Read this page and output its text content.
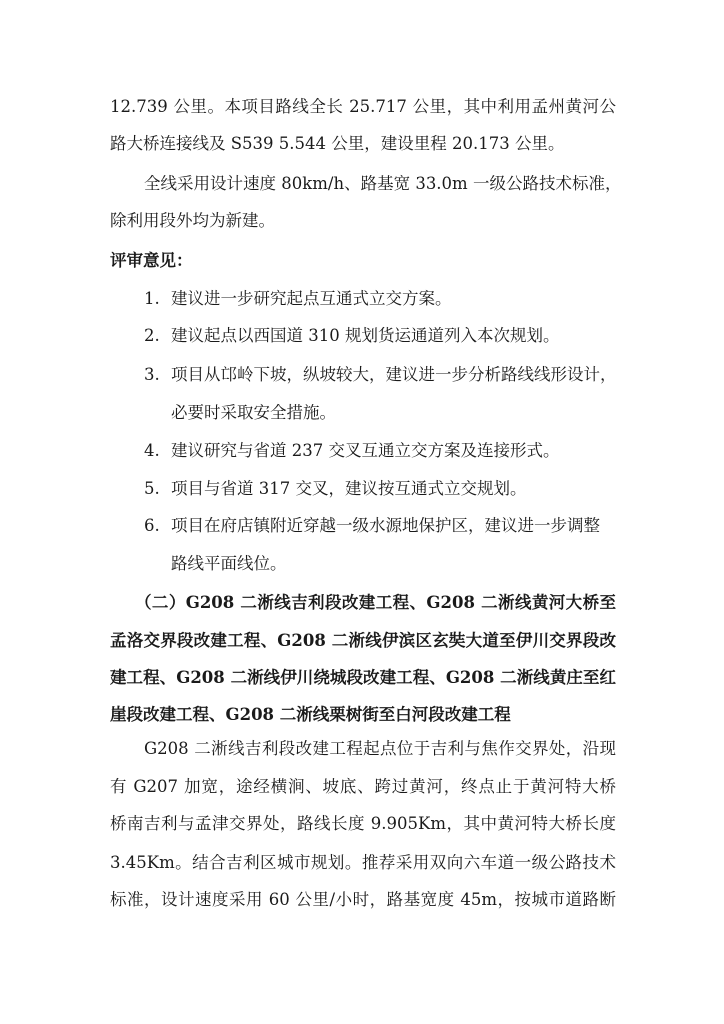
12.739 公里。本项目路线全长 25.717 公里，其中利用孟州黄河公
路大桥连接线及 S539 5.544 公里，建设里程 20.173 公里。
全线采用设计速度 80km/h、路基宽 33.0m 一级公路技术标准，
除利用段外均为新建。
评审意见：
1. 建议进一步研究起点互通式立交方案。
2. 建议起点以西国道 310 规划货运通道列入本次规划。
3. 项目从邙岭下坡，纵坡较大，建议进一步分析路线线形设计，
必要时采取安全措施。
4. 建议研究与省道 237 交叉互通立交方案及连接形式。
5. 项目与省道 317 交叉，建议按互通式立交规划。
6. 项目在府店镇附近穿越一级水源地保护区，建议进一步调整
路线平面线位。
（二）G208 二淅线吉利段改建工程、G208 二淅线黄河大桥至
孟洛交界段改建工程、G208 二淅线伊滨区玄奘大道至伊川交界段改
建工程、G208 二淅线伊川绕城段改建工程、G208 二淅线黄庄至红
崖段改建工程、G208 二淅线栗树街至白河段改建工程
G208 二淅线吉利段改建工程起点位于吉利与焦作交界处，沿现
有 G207 加宽，途经横涧、坡底、跨过黄河，终点止于黄河特大桥
桥南吉利与孟津交界处，路线长度 9.905Km，其中黄河特大桥长度
3.45Km。结合吉利区城市规划。推荐采用双向六车道一级公路技术
标准，设计速度采用 60 公里/小时，路基宽度 45m，按城市道路断
